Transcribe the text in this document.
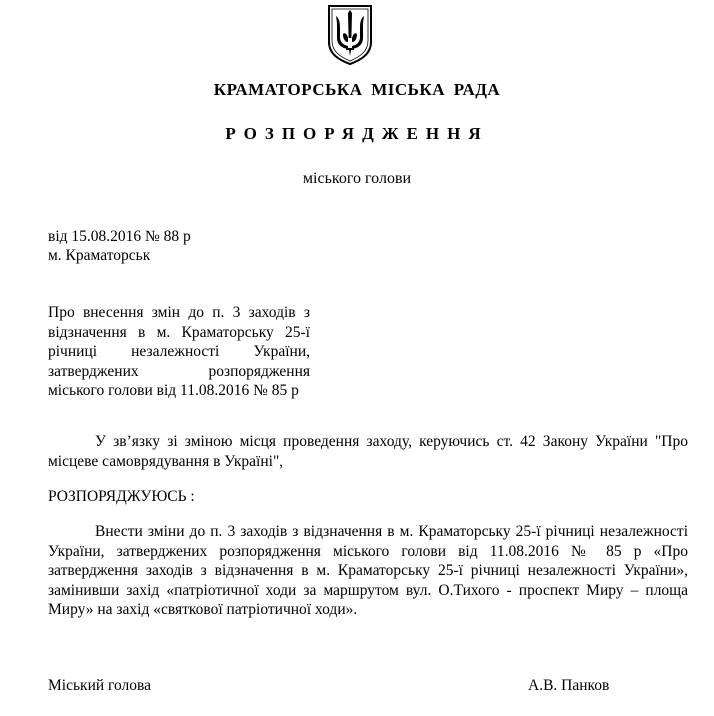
КРАМАТОРСЬКА МІСЬКА РАДА
РОЗПОРЯДЖЕННЯ
міського голови
від 15.08.2016 № 88 р
м. Краматорськ

Про внесення змін до п. 3 заходів з

відзначення в м. Краматорську 25-ї

річниці незалежності України,

затверджених розпорядження

міського голови від 11.08.2016 № 85 р

У зв’язку зі зміною місця проведення заходу, керуючись ст. 42 Закону України "Про місцеве самоврядування в Україні",

РОЗПОРЯДЖУЮСЬ :

Внести зміни до п. 3 заходів з відзначення в м. Краматорську 25-ї річниці незалежності України, затверджених розпорядження міського голови від 11.08.2016 № 85 р «Про затвердження заходів з відзначення в м. Краматорську 25-ї річниці незалежності України», замінивши захід «патріотичної ходи за маршрутом вул. О.Тихого - проспект Миру – площа Миру» на захід «святкової патріотичної ходи».

Міський голова	А.В. Панков
